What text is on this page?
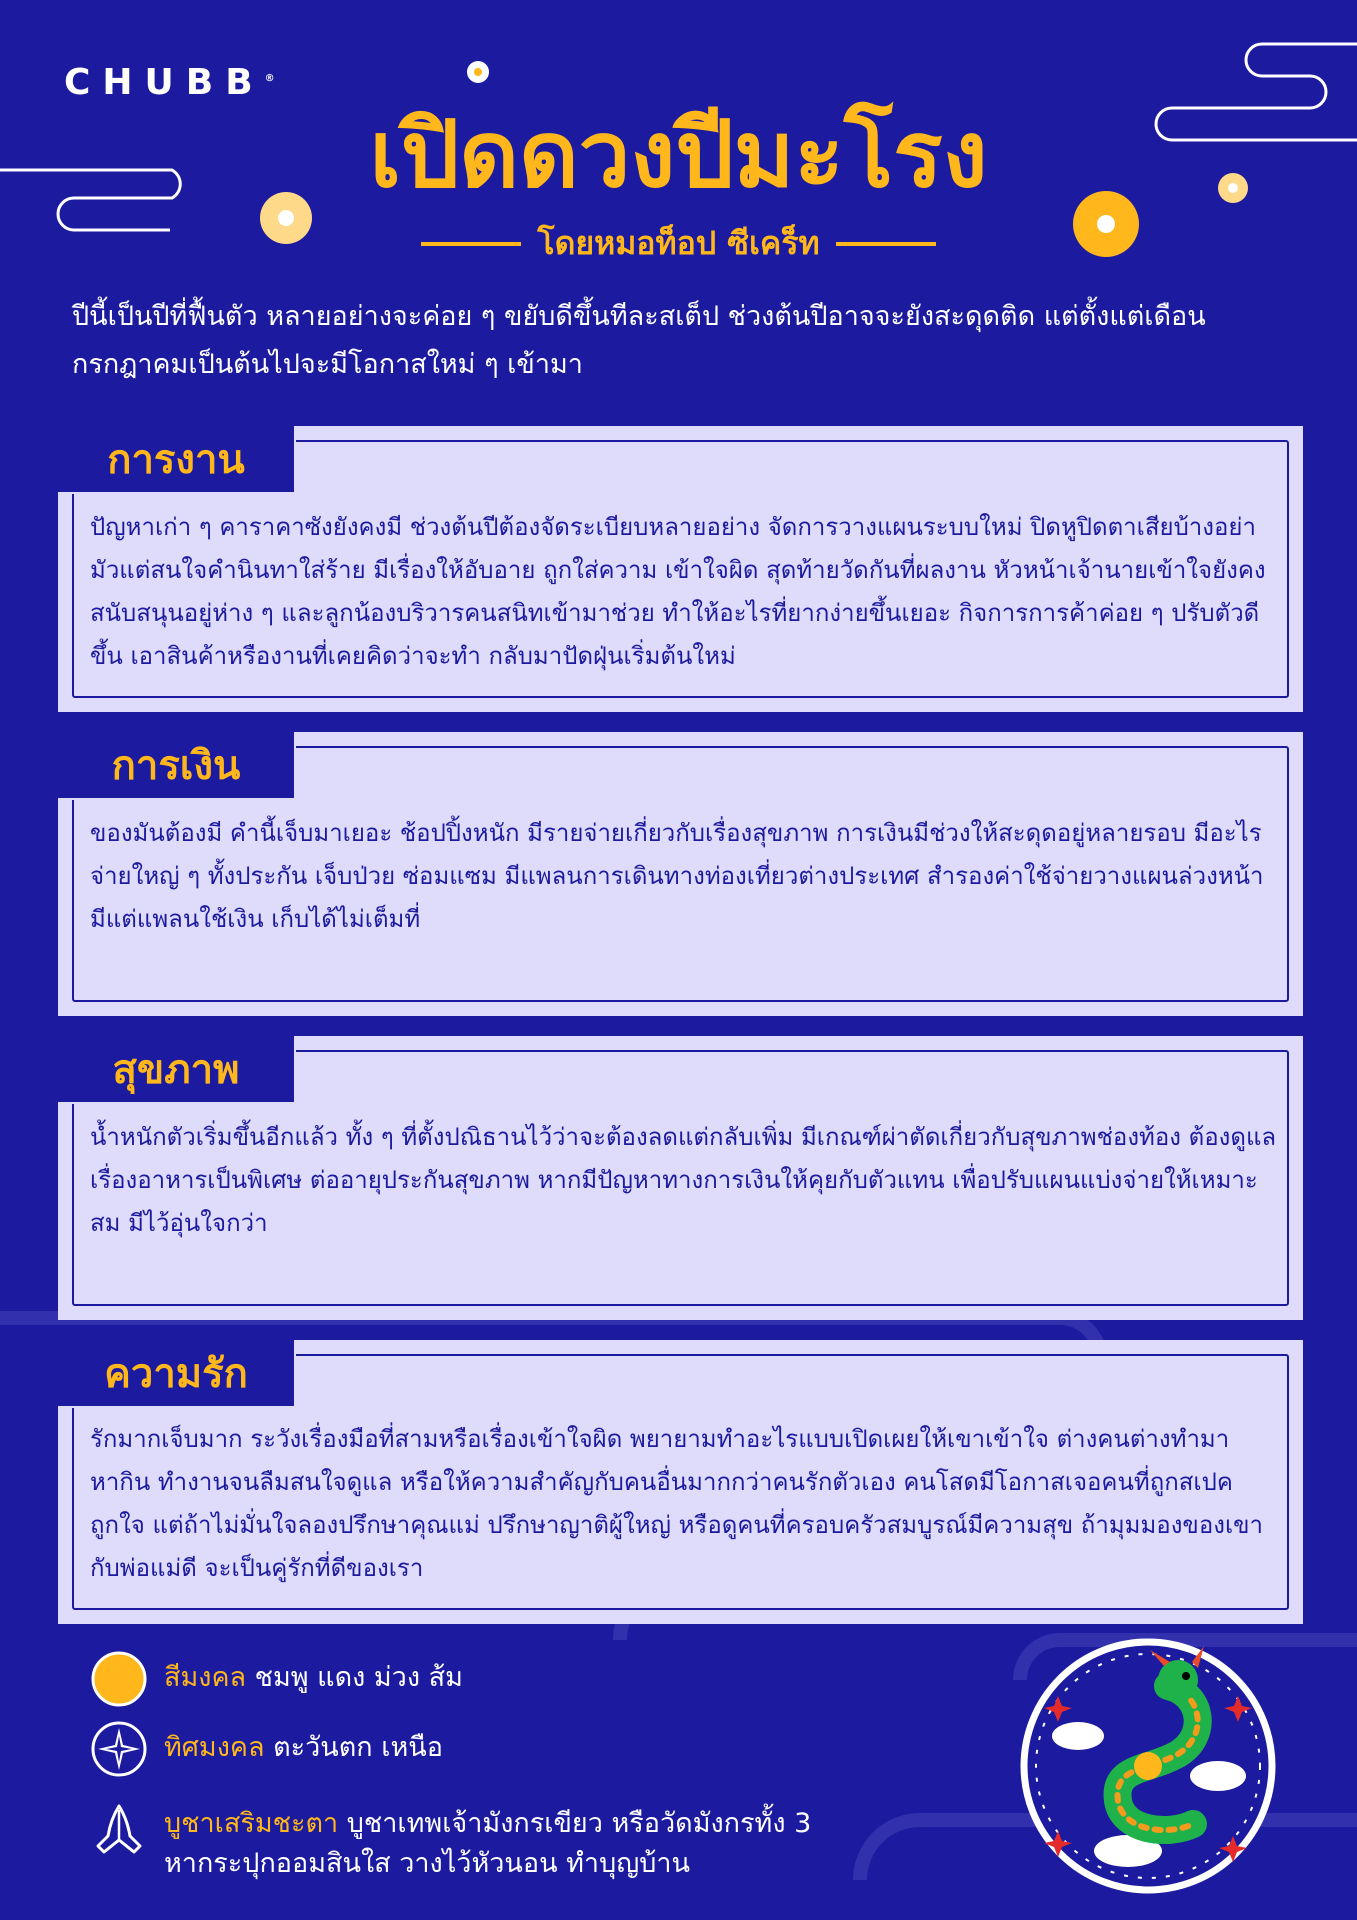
CHUBB®
เปิดดวงปีมะโรง
โดยหมอท็อป ซีเคร็ท
ปีนี้เป็นปีที่ฟื้นตัว หลายอย่างจะค่อย ๆ ขยับดีขึ้นทีละสเต็ป ช่วงต้นปีอาจจะยังสะดุดติด แต่ตั้งแต่เดือนกรกฎาคมเป็นต้นไปจะมีโอกาสใหม่ ๆ เข้ามา
การงาน
ปัญหาเก่า ๆ คาราคาซังยังคงมี ช่วงต้นปีต้องจัดระเบียบหลายอย่าง จัดการวางแผนระบบใหม่ ปิดหูปิดตาเสียบ้างอย่ามัวแต่สนใจคำนินทาใส่ร้าย มีเรื่องให้อับอาย ถูกใส่ความ เข้าใจผิด สุดท้ายวัดกันที่ผลงาน หัวหน้าเจ้านายเข้าใจยังคงสนับสนุนอยู่ห่าง ๆ และลูกน้องบริวารคนสนิทเข้ามาช่วย ทำให้อะไรที่ยากง่ายขึ้นเยอะ กิจการการค้าค่อย ๆ ปรับตัวดีขึ้น เอาสินค้าหรืองานที่เคยคิดว่าจะทำ กลับมาปัดฝุ่นเริ่มต้นใหม่
การเงิน
ของมันต้องมี คำนี้เจ็บมาเยอะ ช้อปปิ้งหนัก มีรายจ่ายเกี่ยวกับเรื่องสุขภาพ การเงินมีช่วงให้สะดุดอยู่หลายรอบ มีอะไรจ่ายใหญ่ ๆ ทั้งประกัน เจ็บป่วย ซ่อมแซม มีแพลนการเดินทางท่องเที่ยวต่างประเทศ สำรองค่าใช้จ่ายวางแผนล่วงหน้า มีแต่แพลนใช้เงิน เก็บได้ไม่เต็มที่
สุขภาพ
น้ำหนักตัวเริ่มขึ้นอีกแล้ว ทั้ง ๆ ที่ตั้งปณิธานไว้ว่าจะต้องลดแต่กลับเพิ่ม มีเกณฑ์ผ่าตัดเกี่ยวกับสุขภาพช่องท้อง ต้องดูแลเรื่องอาหารเป็นพิเศษ ต่ออายุประกันสุขภาพ หากมีปัญหาทางการเงินให้คุยกับตัวแทน เพื่อปรับแผนแบ่งจ่ายให้เหมาะสม มีไว้อุ่นใจกว่า
ความรัก
รักมากเจ็บมาก ระวังเรื่องมือที่สามหรือเรื่องเข้าใจผิด พยายามทำอะไรแบบเปิดเผยให้เขาเข้าใจ ต่างคนต่างทำมาหากิน ทำงานจนลืมสนใจดูแล หรือให้ความสำคัญกับคนอื่นมากกว่าคนรักตัวเอง คนโสดมีโอกาสเจอคนที่ถูกสเปคถูกใจ แต่ถ้าไม่มั่นใจลองปรึกษาคุณแม่ ปรึกษาญาติผู้ใหญ่ หรือดูคนที่ครอบครัวสมบูรณ์มีความสุข ถ้ามุมมองของเขากับพ่อแม่ดี จะเป็นคู่รักที่ดีของเรา
สีมงคล ชมพู แดง ม่วง ส้ม
ทิศมงคล ตะวันตก เหนือ
บูชาเสริมชะตา บูชาเทพเจ้ามังกรเขียว หรือวัดมังกรทั้ง 3
หากระปุกออมสินใส วางไว้หัวนอน ทำบุญบ้าน
